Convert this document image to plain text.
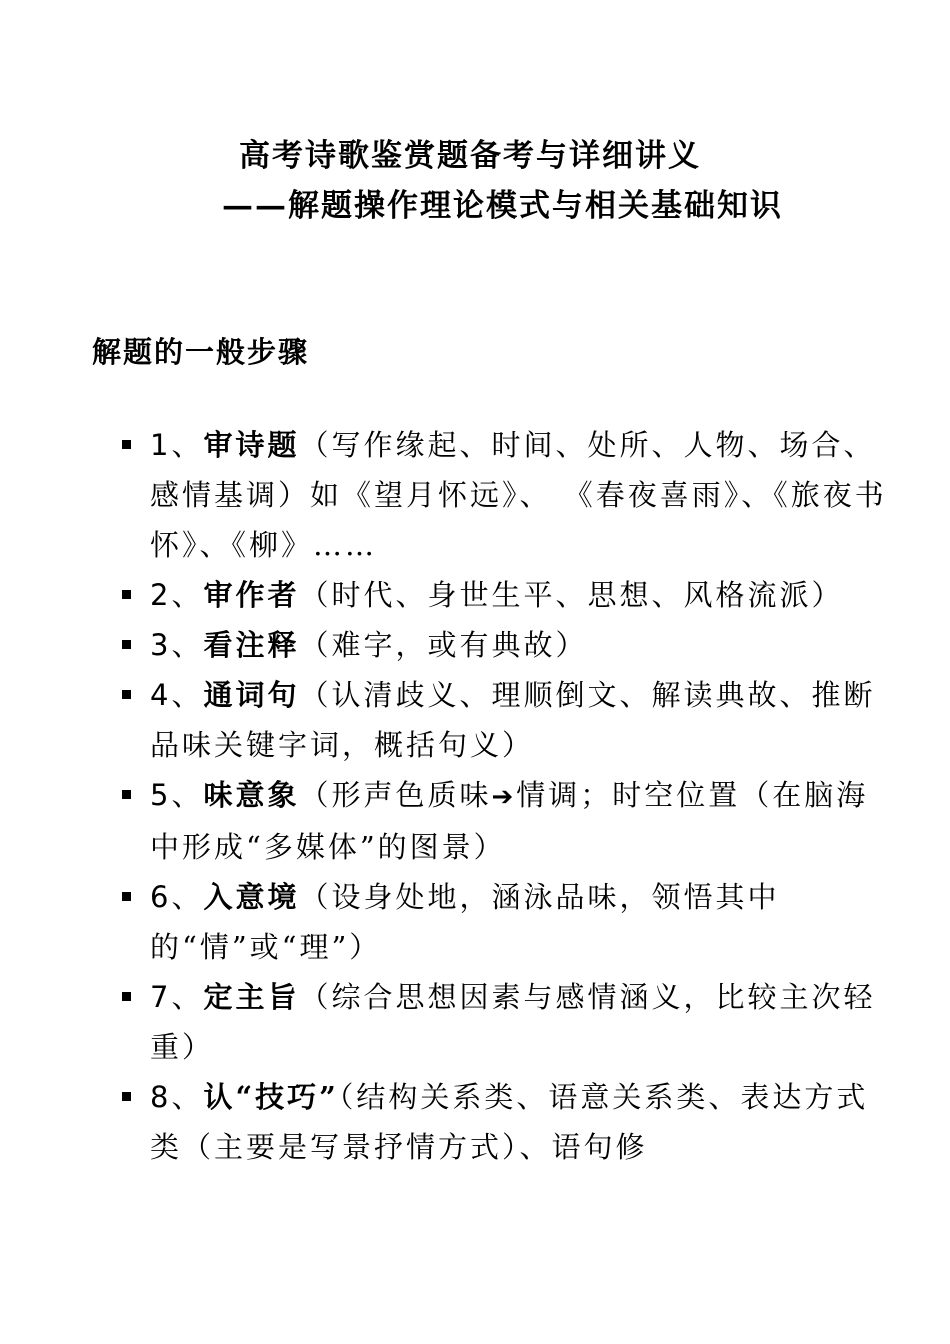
高考诗歌鉴赏题备考与详细讲义
——解题操作理论模式与相关基础知识
解题的一般步骤
1、审诗题（写作缘起、时间、处所、人物、场合、感情基调）如《望月怀远》、 《春夜喜雨》、《旅夜书怀》、《柳》……
2、审作者（时代、身世生平、思想、风格流派）
3、看注释（难字，或有典故）
4、通词句（认清歧义、理顺倒文、解读典故、推断品味关键字词，概括句义）
5、味意象（形声色质味➔情调；时空位置（在脑海中形成“多媒体”的图景）
6、入意境（设身处地，涵泳品味，领悟其中的“情”或“理”）
7、定主旨（综合思想因素与感情涵义，比较主次轻重）
8、认“技巧”（结构关系类、语意关系类、表达方式类（主要是写景抒情方式）、语句修
